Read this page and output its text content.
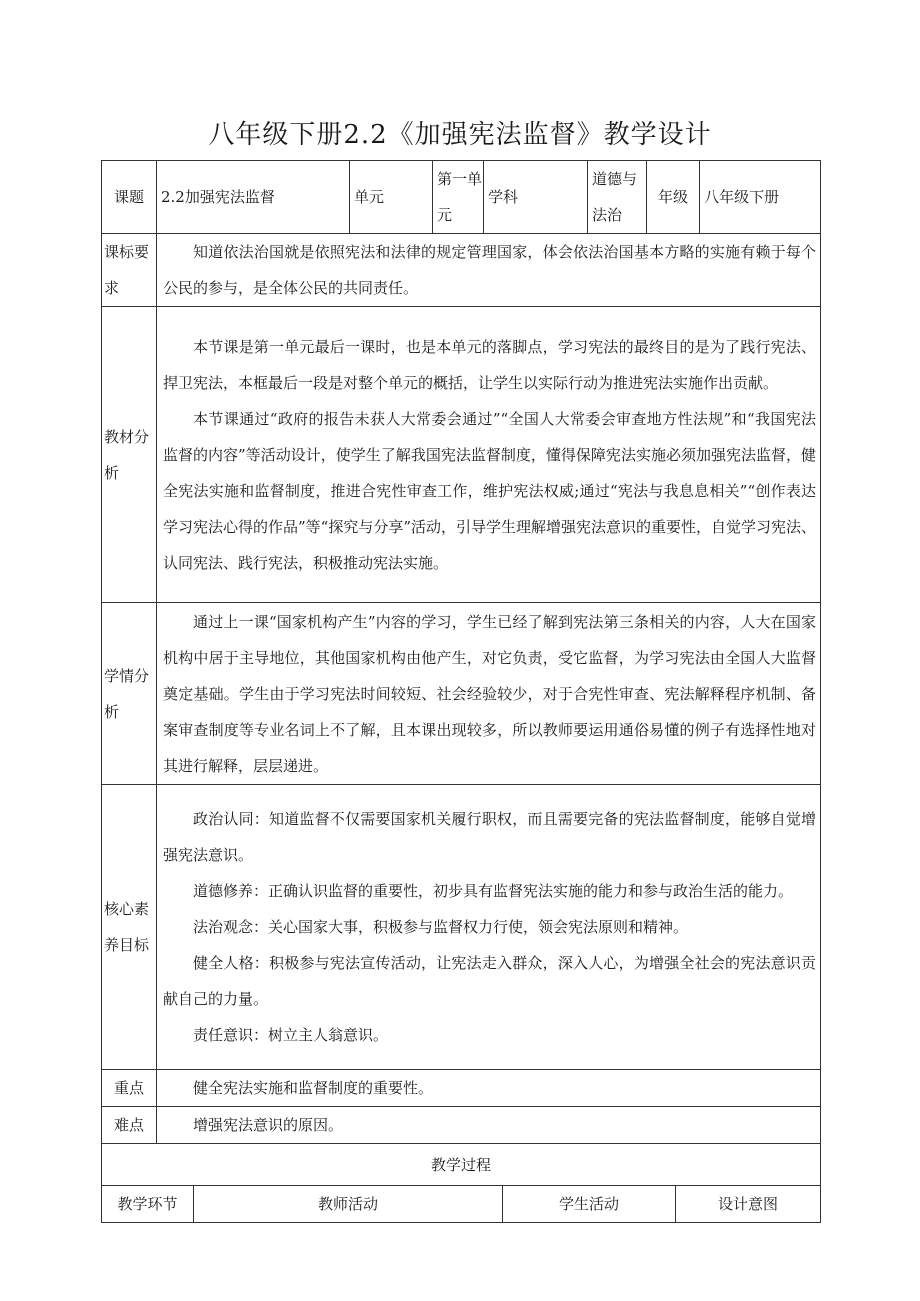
八年级下册2.2《加强宪法监督》教学设计
课题	2.2加强宪法监督		单元	第一单元	学科		道德与法治	年级		八年级下册
课标要求	知道依法治国就是依照宪法和法律的规定管理国家，体会依法治国基本方略的实施有赖于每个公民的参与，是全体公民的共同责任。									

教材分析	本节课是第一单元最后一课时，也是本单元的落脚点，学习宪法的最终目的是为了践行宪法、捍卫宪法，本框最后一段是对整个单元的概括，让学生以实际行动为推进宪法实施作出贡献。

本节课通过“政府的报告未获人大常委会通过”“全国人大常委会审查地方性法规”和“我国宪法监督的内容”等活动设计，使学生了解我国宪法监督制度，懂得保障宪法实施必须加强宪法监督，健全宪法实施和监督制度，推进合宪性审查工作，维护宪法权威;通过“宪法与我息息相关”“创作表达学习宪法心得的作品”等“探究与分享”活动，引导学生理解增强宪法意识的重要性，自觉学习宪法、认同宪法、践行宪法，积极推动宪法实施。									

学情分析	通过上一课“国家机构产生”内容的学习，学生已经了解到宪法第三条相关的内容，人大在国家机构中居于主导地位，其他国家机构由他产生，对它负责，受它监督，为学习宪法由全国人大监督奠定基础。学生由于学习宪法时间较短、社会经验较少，对于合宪性审查、宪法解释程序机制、备案审查制度等专业名词上不了解，且本课出现较多，所以教师要运用通俗易懂的例子有选择性地对其进行解释，层层递进。									

核心素养目标	政治认同：知道监督不仅需要国家机关履行职权，而且需要完备的宪法监督制度，能够自觉增强宪法意识。

道德修养：正确认识监督的重要性，初步具有监督宪法实施的能力和参与政治生活的能力。

法治观念：关心国家大事，积极参与监督权力行使，领会宪法原则和精神。

健全人格：积极参与宪法宣传活动，让宪法走入群众，深入人心，为增强全社会的宪法意识贡献自己的力量。

责任意识：树立主人翁意识。									

重点	健全宪法实施和监督制度的重要性。									

难点	增强宪法意识的原因。									

教学过程										
教学环节		教师活动				学生活动			设计意图	
